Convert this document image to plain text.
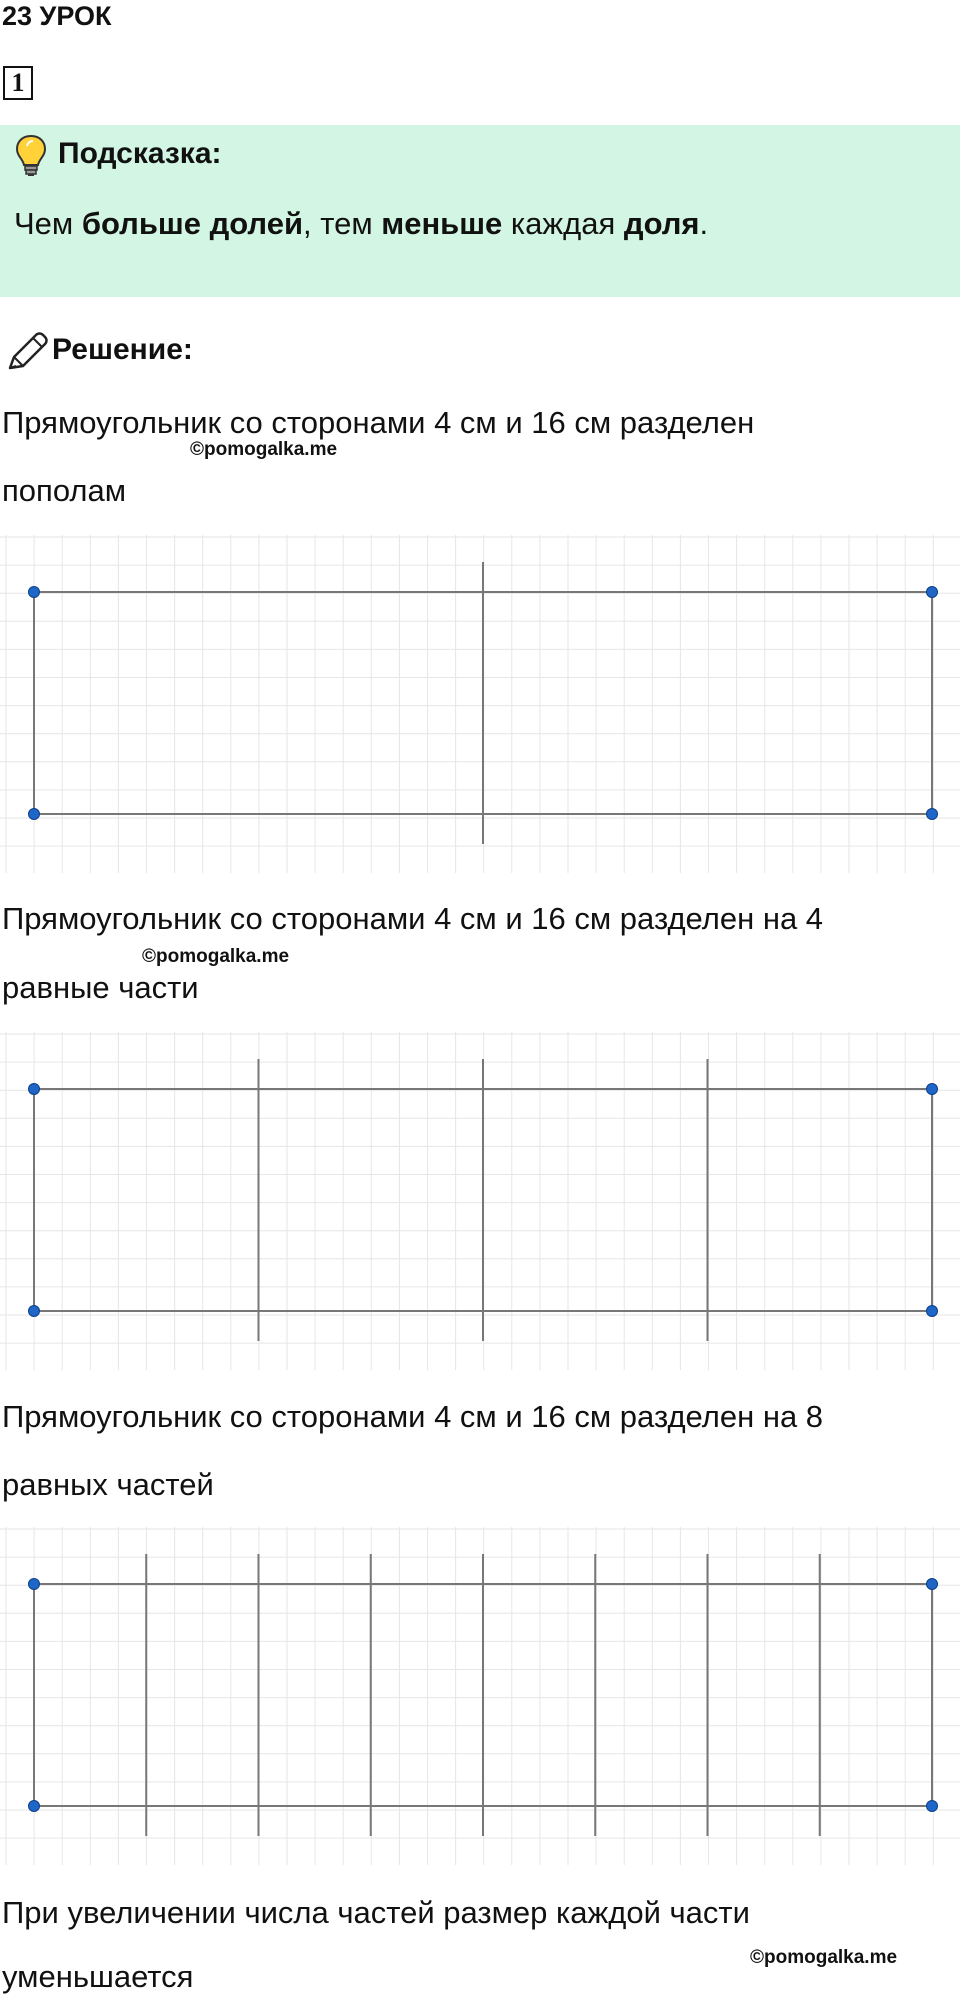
23 УРОК
1
Подсказка:
Чем больше долей, тем меньше каждая доля.
Решение:
Прямоугольник со сторонами 4 см и 16 см разделен
©pomogalka.me
пополам
Прямоугольник со сторонами 4 см и 16 см разделен на 4
©pomogalka.me
равные части
Прямоугольник со сторонами 4 см и 16 см разделен на 8
равных частей
При увеличении числа частей размер каждой части
©pomogalka.me
уменьшается
